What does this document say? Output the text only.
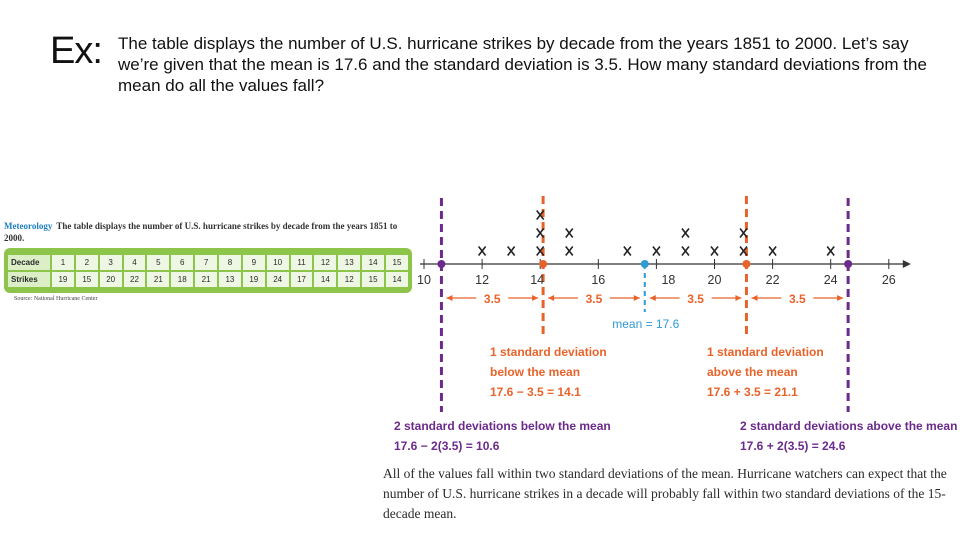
Ex: The table displays the number of U.S. hurricane strikes by decade from the years 1851 to 2000. Let’s say we’re given that the mean is 17.6 and the standard deviation is 3.5. How many standard deviations from the mean do all the values fall?
Meteorology The table displays the number of U.S. hurricane strikes by decade from the years 1851 to 2000.
Decade	1	2	3	4	5	6	7	8	9	10	11	12	13	14	15
Strikes	19	15	20	22	21	18	21	13	19	24	17	14	12	15	14
Source: National Hurricane Center
10	12	14	16	18	20	22	24	26
3.5	3.5	3.5	3.5
mean = 17.6
1 standard deviation
below the mean
17.6 − 3.5 = 14.1
1 standard deviation
above the mean
17.6 + 3.5 = 21.1
2 standard deviations below the mean
17.6 − 2(3.5) = 10.6
2 standard deviations above the mean
17.6 + 2(3.5) = 24.6
All of the values fall within two standard deviations of the mean. Hurricane watchers can expect that the number of U.S. hurricane strikes in a decade will probably fall within two standard deviations of the 15-decade mean.
